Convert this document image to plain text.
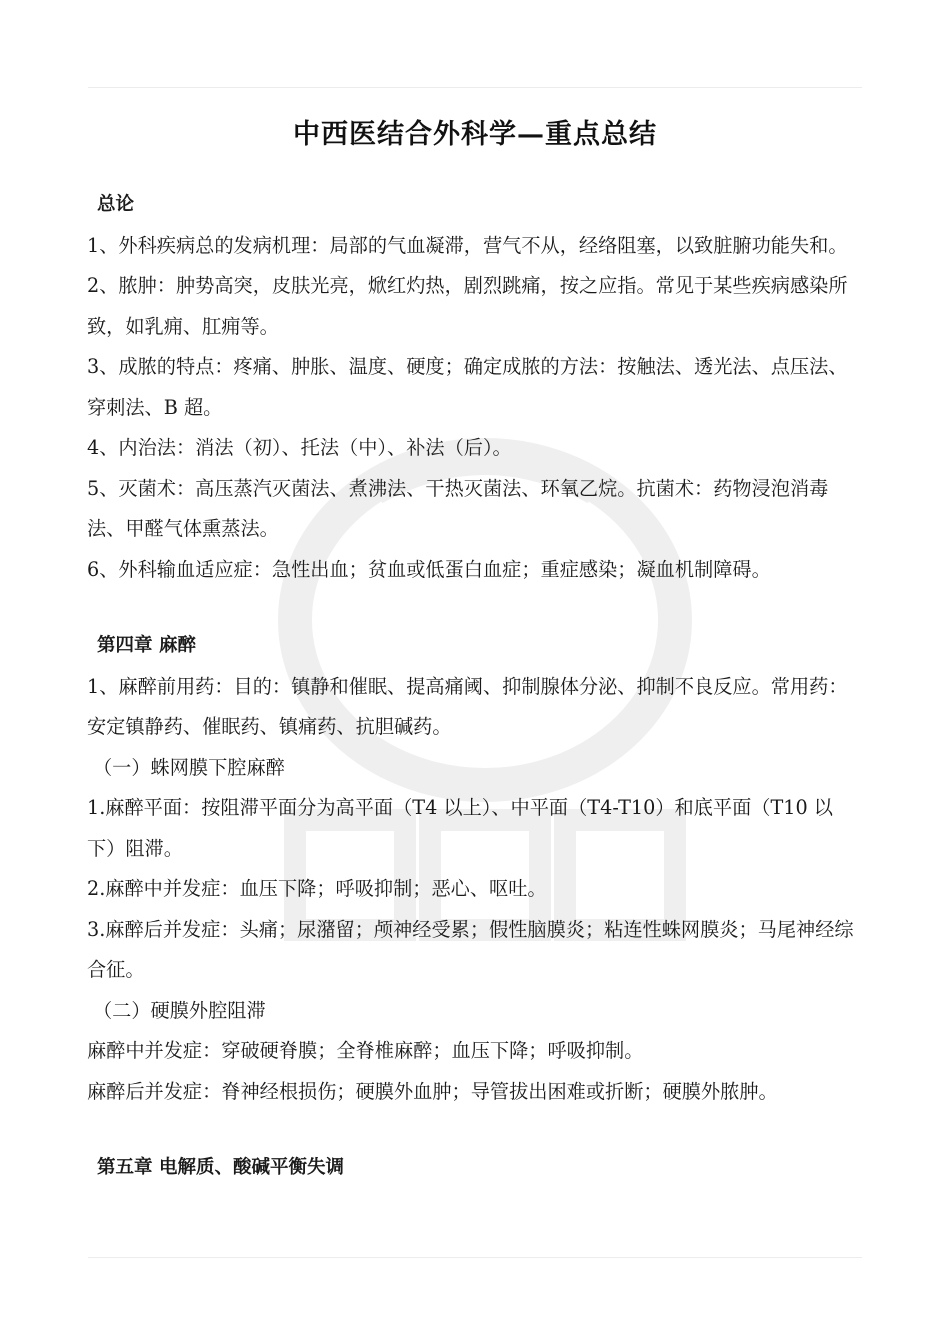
中西医结合外科学—重点总结

总论

1、外科疾病总的发病机理：局部的气血凝滞，营气不从，经络阻塞，以致脏腑功能失和。

2、脓肿：肿势高突，皮肤光亮，焮红灼热，剧烈跳痛，按之应指。常见于某些疾病感染所致，如乳痈、肛痈等。

3、成脓的特点：疼痛、肿胀、温度、硬度；确定成脓的方法：按触法、透光法、点压法、穿刺法、B 超。

4、内治法：消法（初）、托法（中）、补法（后）。

5、灭菌术：高压蒸汽灭菌法、煮沸法、干热灭菌法、环氧乙烷。抗菌术：药物浸泡消毒法、甲醛气体熏蒸法。

6、外科输血适应症：急性出血；贫血或低蛋白血症；重症感染；凝血机制障碍。

第四章 麻醉

1、麻醉前用药：目的：镇静和催眠、提高痛阈、抑制腺体分泌、抑制不良反应。常用药：安定镇静药、催眠药、镇痛药、抗胆碱药。

（一）蛛网膜下腔麻醉

1.麻醉平面：按阻滞平面分为高平面（T4 以上）、中平面（T4-T10）和底平面（T10 以下）阻滞。

2.麻醉中并发症：血压下降；呼吸抑制；恶心、呕吐。

3.麻醉后并发症：头痛；尿潴留；颅神经受累；假性脑膜炎；粘连性蛛网膜炎；马尾神经综合征。

（二）硬膜外腔阻滞

麻醉中并发症：穿破硬脊膜；全脊椎麻醉；血压下降；呼吸抑制。

麻醉后并发症：脊神经根损伤；硬膜外血肿；导管拔出困难或折断；硬膜外脓肿。

第五章 电解质、酸碱平衡失调
